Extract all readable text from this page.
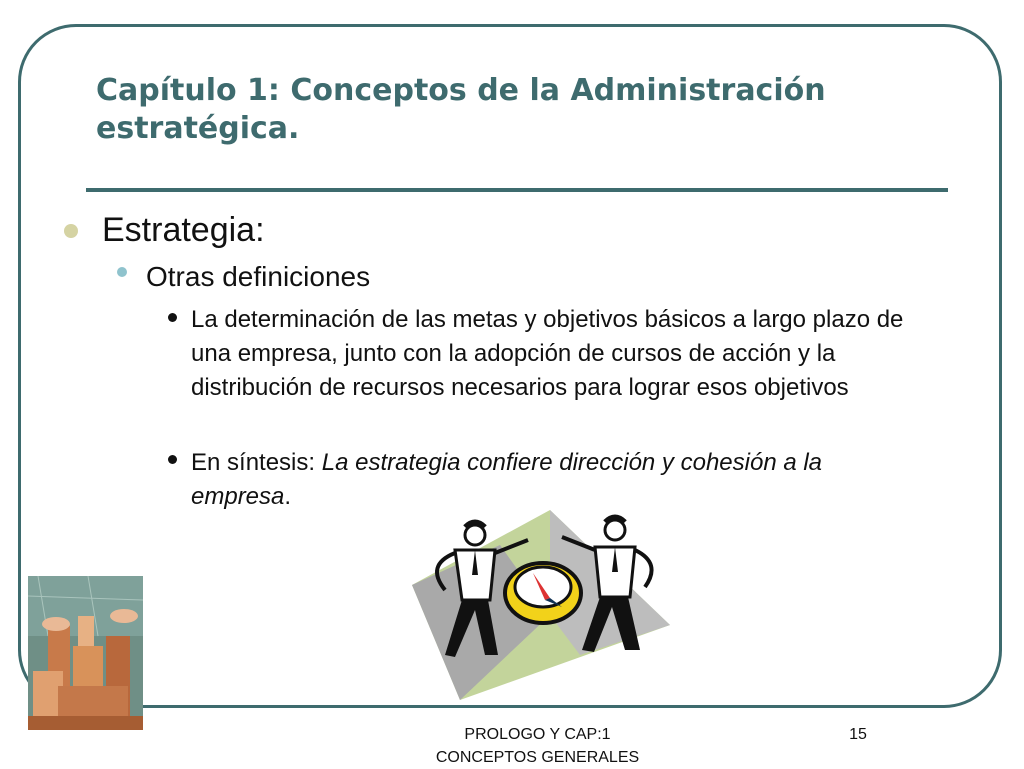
Capítulo 1: Conceptos de la Administración estratégica.
Estrategia:
Otras definiciones
La determinación de las metas y objetivos básicos a largo plazo de una empresa, junto con la adopción de cursos de acción y la distribución de recursos necesarios para lograr esos objetivos
En síntesis: La estrategia confiere dirección y cohesión a la empresa.
PROLOGO Y CAP:1
CONCEPTOS GENERALES
15
